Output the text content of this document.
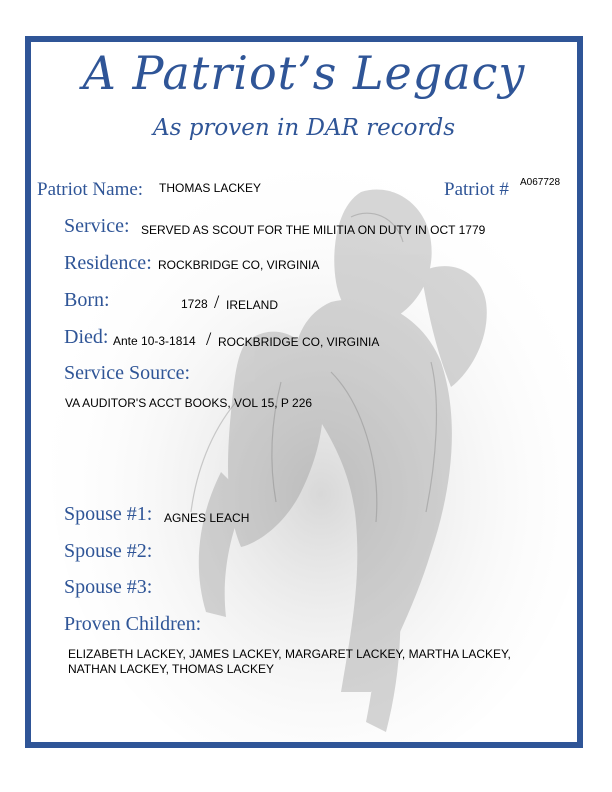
A Patriot’s Legacy
As proven in DAR records
Patriot Name: THOMAS LACKEY	Patriot # A067728
Service: SERVED AS SCOUT FOR THE MILITIA ON DUTY IN OCT 1779
Residence: ROCKBRIDGE CO, VIRGINIA
Born:	1728 / IRELAND
Died: Ante 10-3-1814 / ROCKBRIDGE CO, VIRGINIA
Service Source:
VA AUDITOR'S ACCT BOOKS, VOL 15, P 226
Spouse #1: AGNES LEACH
Spouse #2:
Spouse #3:
Proven Children:
ELIZABETH LACKEY, JAMES LACKEY, MARGARET LACKEY, MARTHA LACKEY, NATHAN LACKEY, THOMAS LACKEY
